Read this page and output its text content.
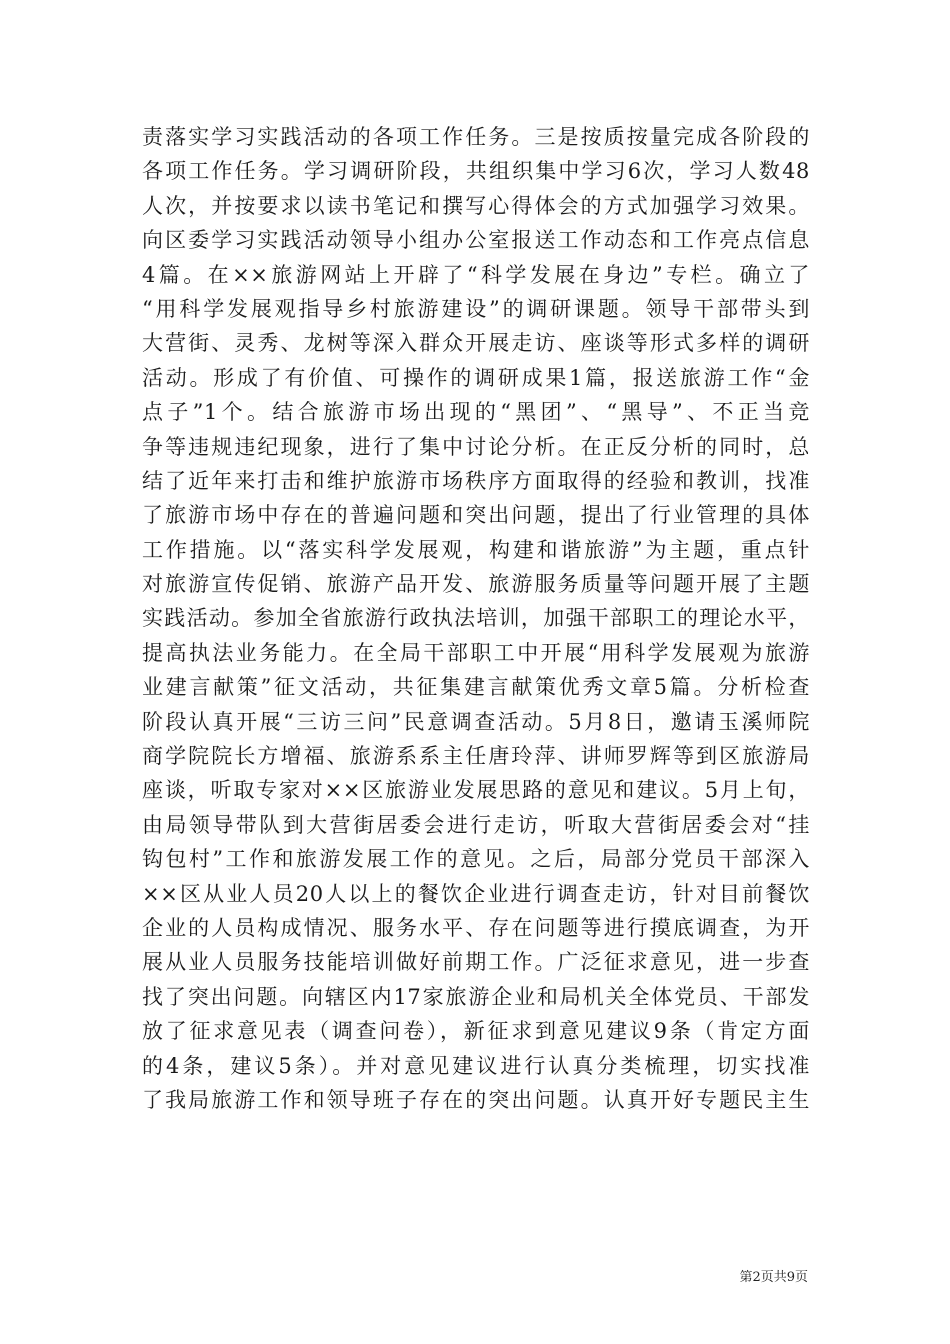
责落实学习实践活动的各项工作任务。三是按质按量完成各阶段的
各项工作任务。学习调研阶段，共组织集中学习6次，学习人数48
人次，并按要求以读书笔记和撰写心得体会的方式加强学习效果。
向区委学习实践活动领导小组办公室报送工作动态和工作亮点信息
4篇。在××旅游网站上开辟了“科学发展在身边”专栏。确立了
“用科学发展观指导乡村旅游建设”的调研课题。领导干部带头到
大营街、灵秀、龙树等深入群众开展走访、座谈等形式多样的调研
活动。形成了有价值、可操作的调研成果1篇，报送旅游工作“金
点子”1个。结合旅游市场出现的“黑团”、“黑导”、不正当竞
争等违规违纪现象，进行了集中讨论分析。在正反分析的同时，总
结了近年来打击和维护旅游市场秩序方面取得的经验和教训，找准
了旅游市场中存在的普遍问题和突出问题，提出了行业管理的具体
工作措施。以“落实科学发展观，构建和谐旅游”为主题，重点针
对旅游宣传促销、旅游产品开发、旅游服务质量等问题开展了主题
实践活动。参加全省旅游行政执法培训，加强干部职工的理论水平，
提高执法业务能力。在全局干部职工中开展“用科学发展观为旅游
业建言献策”征文活动，共征集建言献策优秀文章5篇。分析检查
阶段认真开展“三访三问”民意调查活动。5月8日，邀请玉溪师院
商学院院长方增福、旅游系系主任唐玲萍、讲师罗辉等到区旅游局
座谈，听取专家对××区旅游业发展思路的意见和建议。5月上旬，
由局领导带队到大营街居委会进行走访，听取大营街居委会对“挂
钩包村”工作和旅游发展工作的意见。之后，局部分党员干部深入
××区从业人员20人以上的餐饮企业进行调查走访，针对目前餐饮
企业的人员构成情况、服务水平、存在问题等进行摸底调查，为开
展从业人员服务技能培训做好前期工作。广泛征求意见，进一步查
找了突出问题。向辖区内17家旅游企业和局机关全体党员、干部发
放了征求意见表（调查问卷），新征求到意见建议9条（肯定方面
的4条，建议5条）。并对意见建议进行认真分类梳理，切实找准
了我局旅游工作和领导班子存在的突出问题。认真开好专题民主生
第2页共9页
